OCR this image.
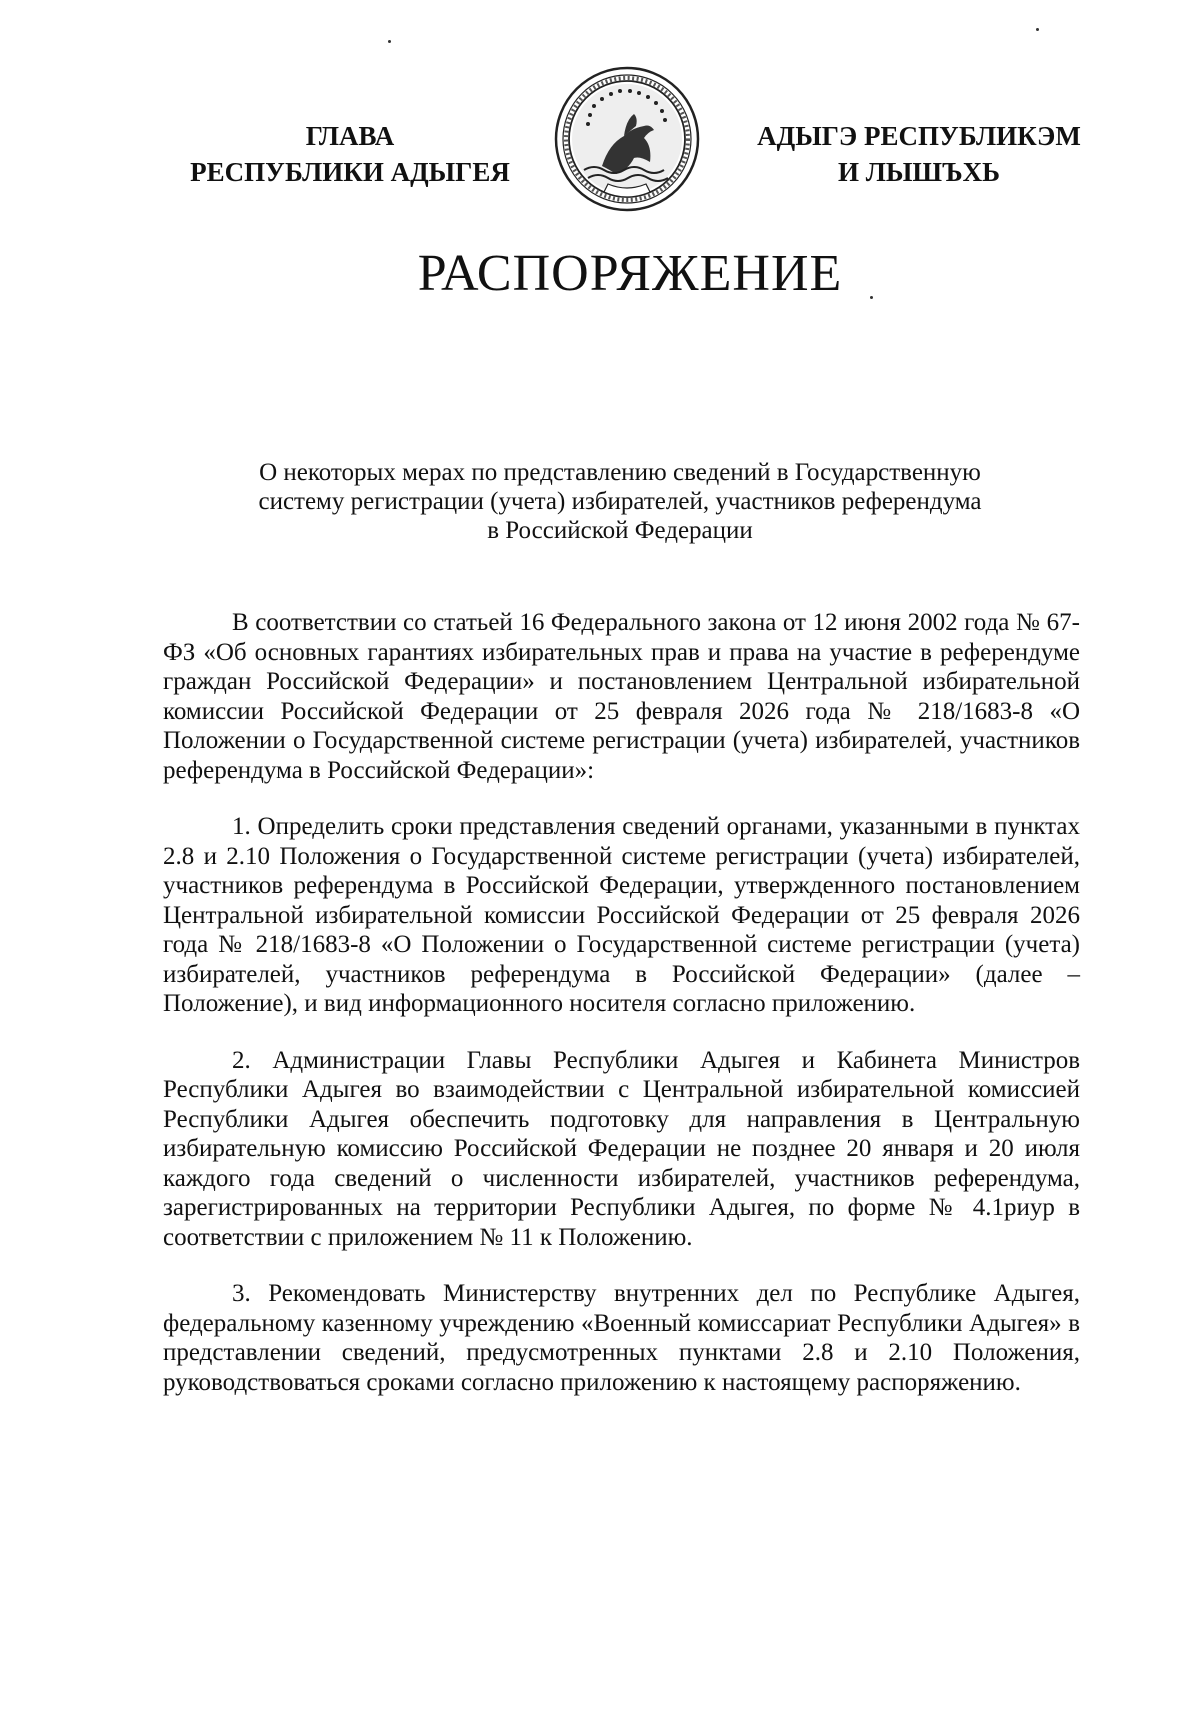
ГЛАВА
РЕСПУБЛИКИ АДЫГЕЯ
АДЫГЭ РЕСПУБЛИКЭМ
И ЛЫШЪХЬ
РАСПОРЯЖЕНИЕ
О некоторых мерах по представлению сведений в Государственную
систему регистрации (учета) избирателей, участников референдума
в Российской Федерации

В соответствии со статьей 16 Федерального закона от 12 июня 2002 года № 67-ФЗ «Об основных гарантиях избирательных прав и права на участие в референдуме граждан Российской Федерации» и постановлением Центральной избирательной комиссии Российской Федерации от 25 февраля 2026 года № 218/1683-8 «О Положении о Государственной системе регистрации (учета) избирателей, участников референдума в Российской Федерации»:

1. Определить сроки представления сведений органами, указанными в пунктах 2.8 и 2.10 Положения о Государственной системе регистрации (учета) избирателей, участников референдума в Российской Федерации, утвержденного постановлением Центральной избирательной комиссии Российской Федерации от 25 февраля 2026 года № 218/1683-8 «О Положении о Государственной системе регистрации (учета) избирателей, участников референдума в Российской Федерации» (далее – Положение), и вид информационного носителя согласно приложению.

2. Администрации Главы Республики Адыгея и Кабинета Министров Республики Адыгея во взаимодействии с Центральной избирательной комиссией Республики Адыгея обеспечить подготовку для направления в Центральную избирательную комиссию Российской Федерации не позднее 20 января и 20 июля каждого года сведений о численности избирателей, участников референдума, зарегистрированных на территории Республики Адыгея, по форме № 4.1риур в соответствии с приложением № 11 к Положению.

3. Рекомендовать Министерству внутренних дел по Республике Адыгея, федеральному казенному учреждению «Военный комиссариат Республики Адыгея» в представлении сведений, предусмотренных пунктами 2.8 и 2.10 Положения, руководствоваться сроками согласно приложению к настоящему распоряжению.
